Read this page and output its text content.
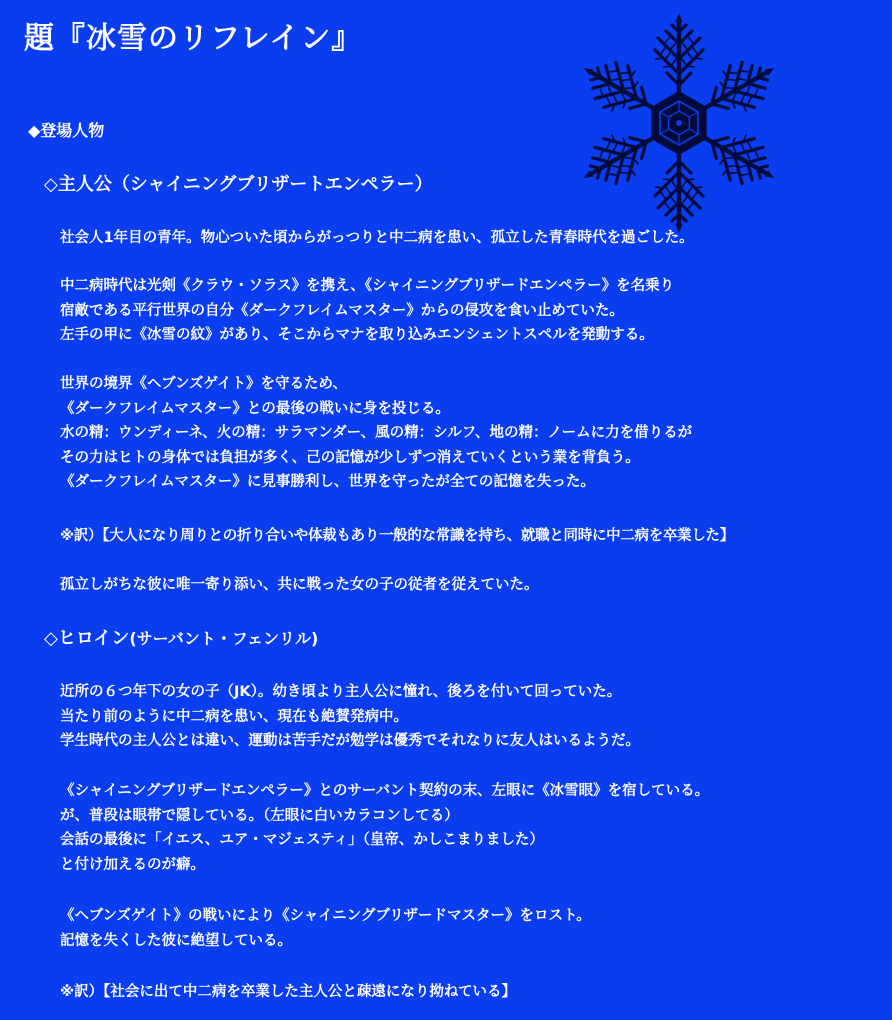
題『冰雪のリフレイン』
◆登場人物
◇主人公（シャイニングブリザートエンペラー）
社会人1年目の青年。物心ついた頃からがっつりと中二病を患い、孤立した青春時代を過ごした。
中二病時代は光剣《クラウ・ソラス》を携え、《シャイニングブリザードエンペラー》を名乗り
宿敵である平行世界の自分《ダークフレイムマスター》からの侵攻を食い止めていた。
左手の甲に《冰雪の紋》があり、そこからマナを取り込みエンシェントスペルを発動する。
世界の境界《ヘブンズゲイト》を守るため、
《ダークフレイムマスター》との最後の戦いに身を投じる。
水の精：ウンディーネ、火の精：サラマンダー、風の精：シルフ、地の精：ノームに力を借りるが
その力はヒトの身体では負担が多く、己の記憶が少しずつ消えていくという業を背負う。
《ダークフレイムマスター》に見事勝利し、世界を守ったが全ての記憶を失った。
※訳）【大人になり周りとの折り合いや体裁もあり一般的な常識を持ち、就職と同時に中二病を卒業した】
孤立しがちな彼に唯一寄り添い、共に戦った女の子の従者を従えていた。
◇ヒロイン(サーバント・フェンリル)
近所の６つ年下の女の子（JK）。幼き頃より主人公に憧れ、後ろを付いて回っていた。
当たり前のように中二病を患い、現在も絶賛発病中。
学生時代の主人公とは違い、運動は苦手だが勉学は優秀でそれなりに友人はいるようだ。
《シャイニングブリザードエンペラー》とのサーバント契約の末、左眼に《冰雪眼》を宿している。
が、普段は眼帯で隠している。（左眼に白いカラコンしてる）
会話の最後に「イエス、ユア・マジェスティ」（皇帝、かしこまりました）
と付け加えるのが癖。
《ヘブンズゲイト》の戦いにより《シャイニングブリザードマスター》をロスト。
記憶を失くした彼に絶望している。
※訳）【社会に出て中二病を卒業した主人公と疎遠になり拗ねている】
